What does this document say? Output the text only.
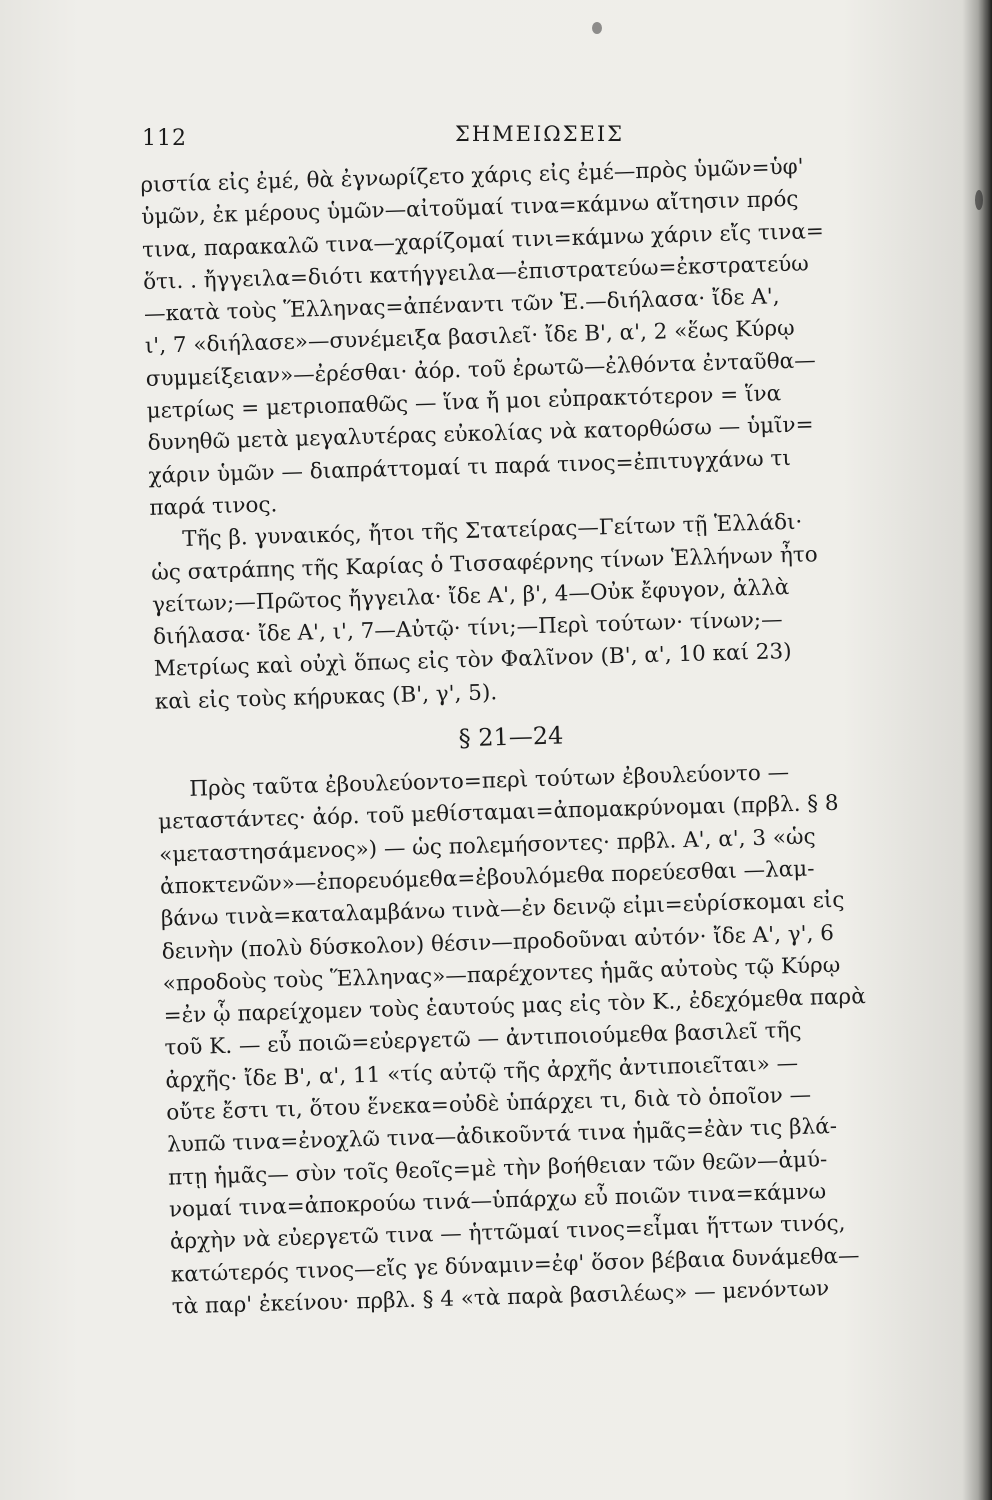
112	ΣΗΜΕΙΩΣΕΙΣ
ριστία εἰς ἐμέ, θὰ ἐγνωρίζετο χάρις εἰς ἐμέ—πρὸς ὑμῶν=ὑφ'
ὑμῶν, ἐκ μέρους ὑμῶν—αἰτοῦμαί τινα=κάμνω αἴτησιν πρός
τινα, παρακαλῶ τινα—χαρίζομαί τινι=κάμνω χάριν εἴς τινα=
ὅτι. . ἤγγειλα=διότι κατήγγειλα—ἐπιστρατεύω=ἐκστρατεύω
—κατὰ τοὺς Ἕλληνας=ἀπέναντι τῶν Ἑ.—διήλασα· ἴδε Α',
ι', 7 «διήλασε»—συνέμειξα βασιλεῖ· ἴδε Β', α', 2 «ἕως Κύρῳ
συμμείξειαν»—ἐρέσθαι· ἀόρ. τοῦ ἐρωτῶ—ἐλθόντα ἐνταῦθα—
μετρίως = μετριοπαθῶς — ἵνα ἤ μοι εὐπρακτότερον = ἵνα
δυνηθῶ μετὰ μεγαλυτέρας εὐκολίας νὰ κατορθώσω — ὑμῖν=
χάριν ὑμῶν — διαπράττομαί τι παρά τινος=ἐπιτυγχάνω τι
παρά τινος.
Τῆς β. γυναικός, ἤτοι τῆς Στατείρας—Γείτων τῇ Ἑλλάδι·
ὡς σατράπης τῆς Καρίας ὁ Τισσαφέρνης τίνων Ἑλλήνων ἦτο
γείτων;—Πρῶτος ἤγγειλα· ἴδε Α', β', 4—Οὐκ ἔφυγον, ἀλλὰ
διήλασα· ἴδε Α', ι', 7—Αὐτῷ· τίνι;—Περὶ τούτων· τίνων;—
Μετρίως καὶ οὐχὶ ὅπως εἰς τὸν Φαλῖνον (Β', α', 10 καί 23)
καὶ εἰς τοὺς κήρυκας (Β', γ', 5).
§ 21—24
Πρὸς ταῦτα ἐβουλεύοντο=περὶ τούτων ἐβουλεύοντο —
μεταστάντες· ἀόρ. τοῦ μεθίσταμαι=ἀπομακρύνομαι (πρβλ. § 8
«μεταστησάμενος») — ὡς πολεμήσοντες· πρβλ. Α', α', 3 «ὡς
ἀποκτενῶν»—ἐπορευόμεθα=ἐβουλόμεθα πορεύεσθαι —λαμ-
βάνω τινὰ=καταλαμβάνω τινὰ—ἐν δεινῷ εἰμι=εὑρίσκομαι εἰς
δεινὴν (πολὺ δύσκολον) θέσιν—προδοῦναι αὐτόν· ἴδε Α', γ', 6
«προδοὺς τοὺς Ἕλληνας»—παρέχοντες ἡμᾶς αὐτοὺς τῷ Κύρῳ
=ἐν ᾧ παρείχομεν τοὺς ἑαυτούς μας εἰς τὸν Κ., ἐδεχόμεθα παρὰ
τοῦ Κ. — εὖ ποιῶ=εὐεργετῶ — ἀντιποιούμεθα βασιλεῖ τῆς
ἀρχῆς· ἴδε Β', α', 11 «τίς αὐτῷ τῆς ἀρχῆς ἀντιποιεῖται» —
οὔτε ἔστι τι, ὅτου ἕνεκα=οὐδὲ ὑπάρχει τι, διὰ τὸ ὁποῖον —
λυπῶ τινα=ἐνοχλῶ τινα—ἀδικοῦντά τινα ἡμᾶς=ἐὰν τις βλά-
πτῃ ἡμᾶς— σὺν τοῖς θεοῖς=μὲ τὴν βοήθειαν τῶν θεῶν—ἀμύ-
νομαί τινα=ἀποκρούω τινά—ὑπάρχω εὖ ποιῶν τινα=κάμνω
ἀρχὴν νὰ εὐεργετῶ τινα — ἡττῶμαί τινος=εἶμαι ἥττων τινός,
κατώτερός τινος—εἴς γε δύναμιν=ἐφ' ὅσον βέβαια δυνάμεθα—
τὰ παρ' ἐκείνου· πρβλ. § 4 «τὰ παρὰ βασιλέως» — μενόντων
